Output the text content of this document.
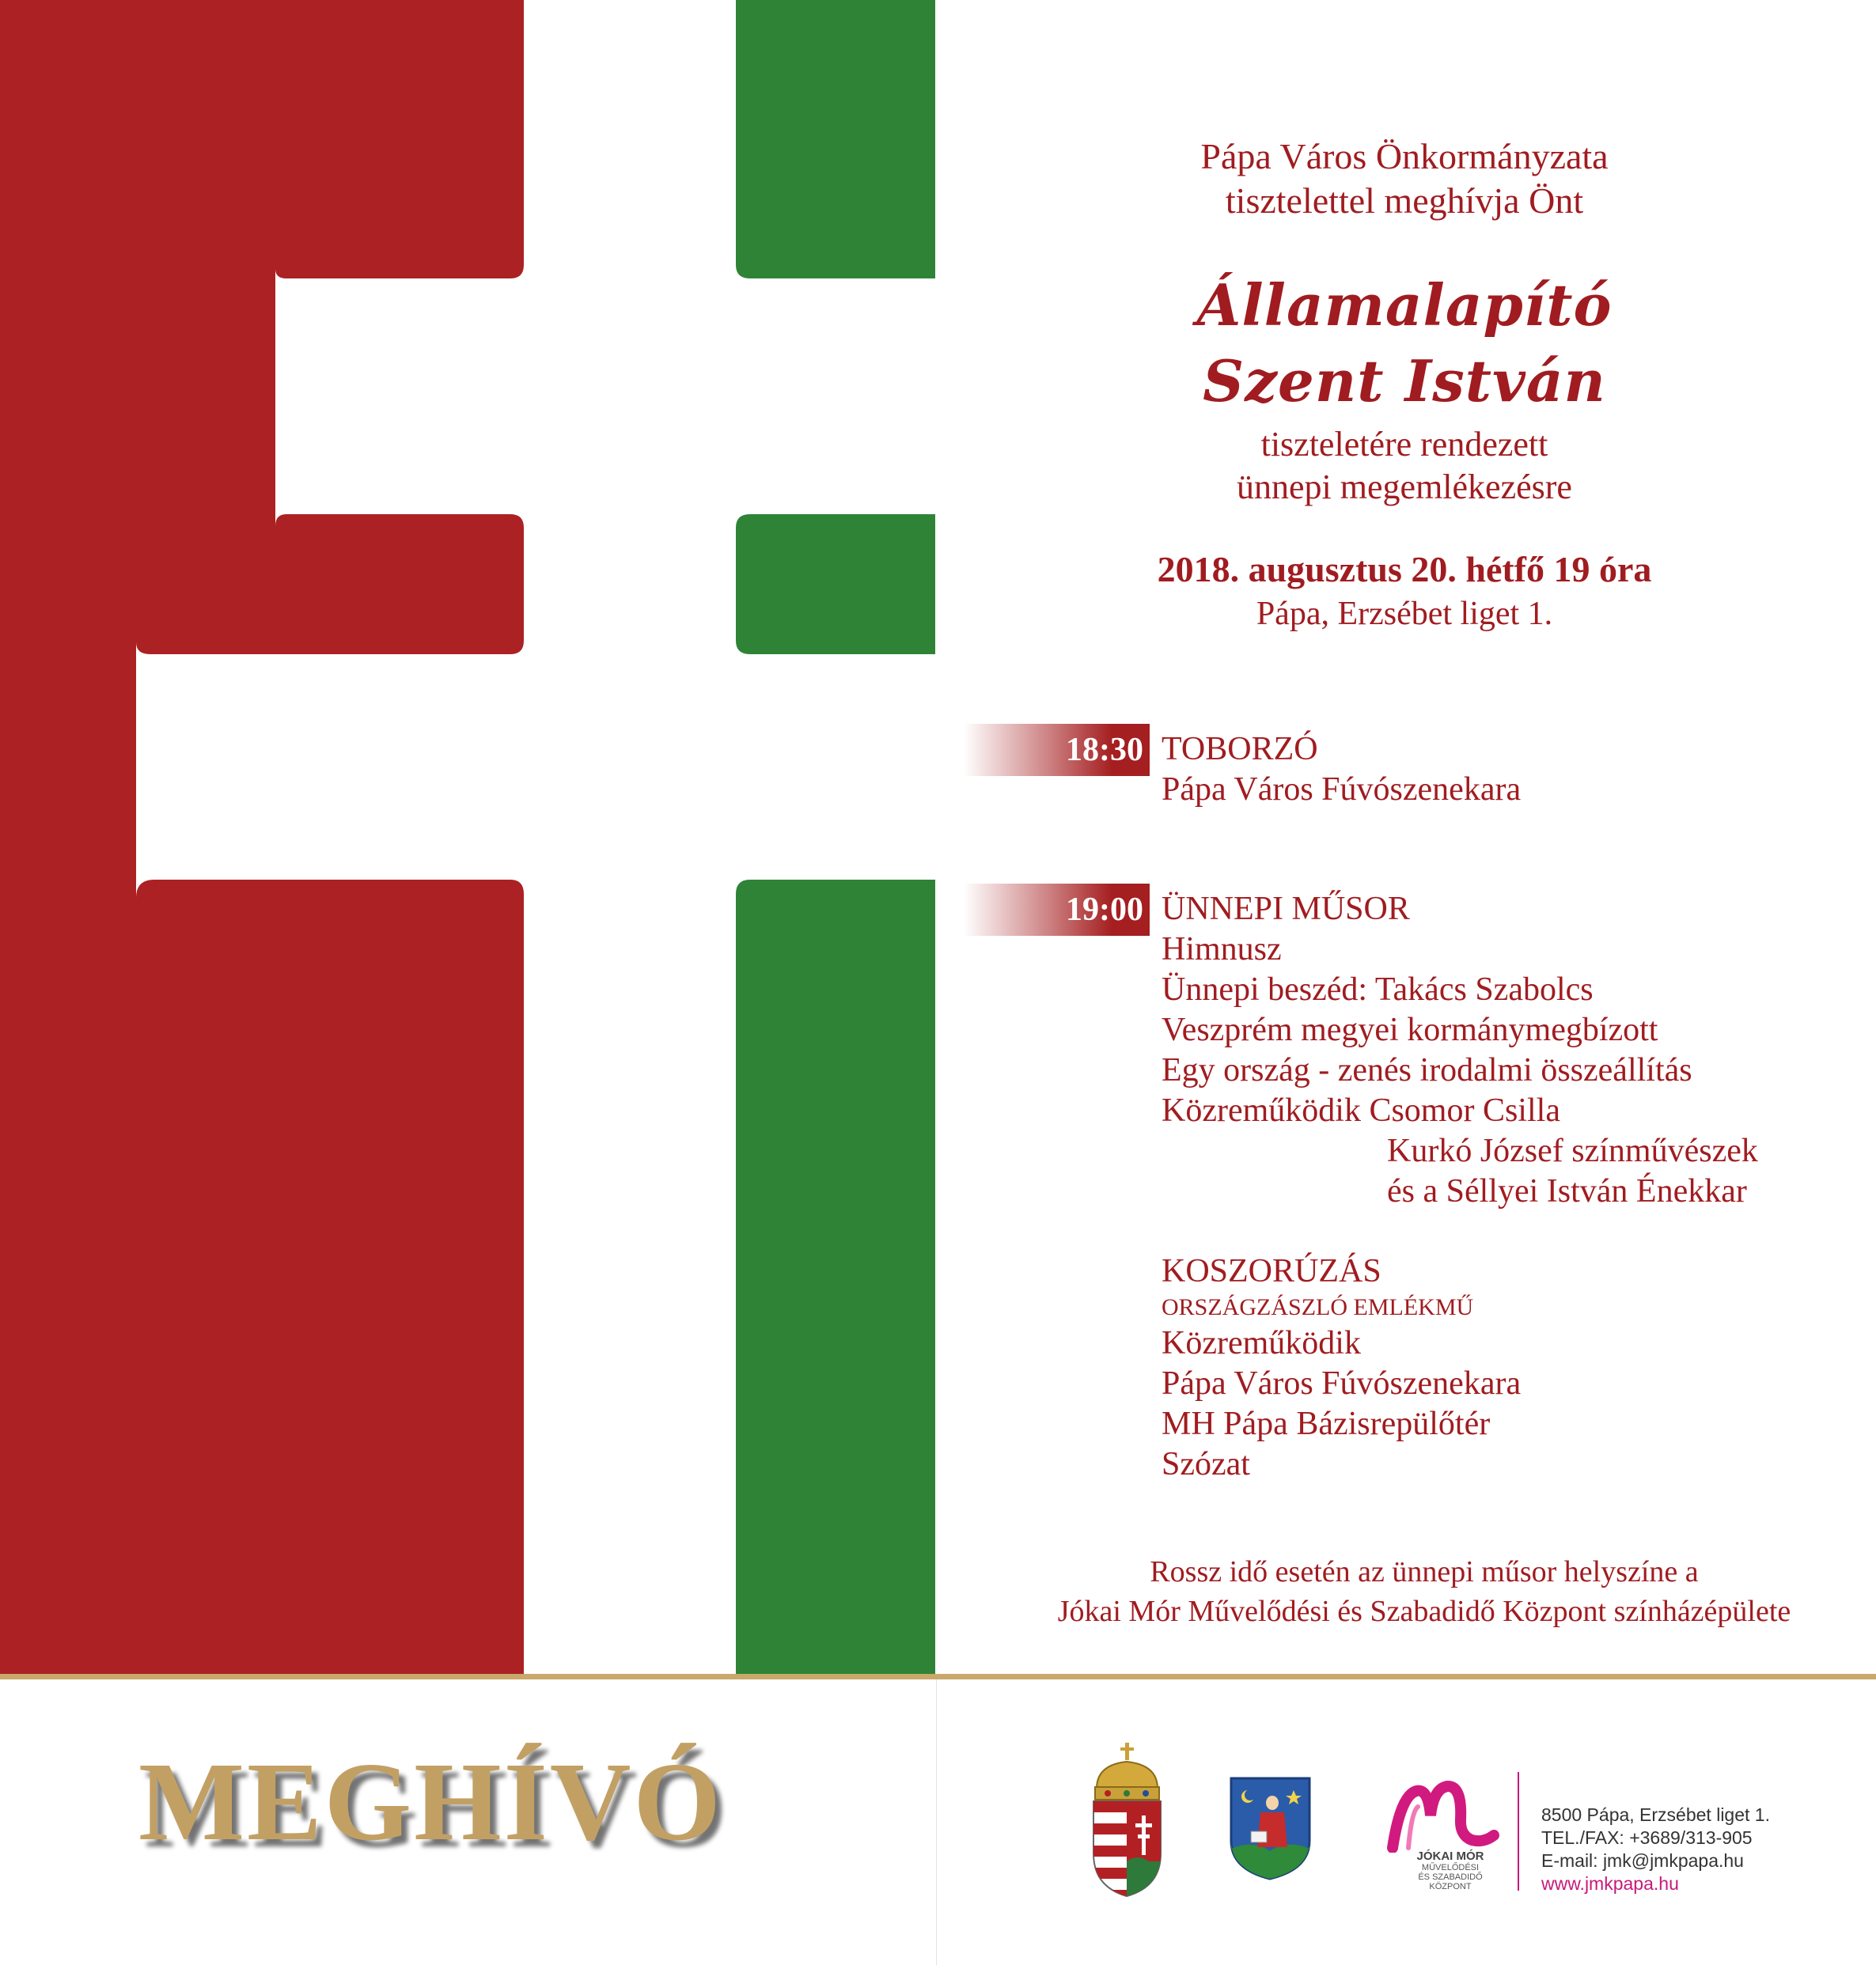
Pápa Város Önkormányzata
tisztelettel meghívja Önt
Államalapító
Szent István
tiszteletére rendezett
ünnepi megemlékezésre
2018. augusztus 20. hétfő 19 óra
Pápa, Erzsébet liget 1.
18:30 TOBORZÓ
Pápa Város Fúvószenekara
19:00 ÜNNEPI MŰSOR
Himnusz
Ünnepi beszéd: Takács Szabolcs
Veszprém megyei kormánymegbízott
Egy ország - zenés irodalmi összeállítás
Közreműködik Csomor Csilla
Kurkó József színművészek
és a Séllyei István Énekkar
KOSZORÚZÁS
ORSZÁGZÁSZLÓ EMLÉKMŰ
Közreműködik
Pápa Város Fúvószenekara
MH Pápa Bázisrepülőtér
Szózat
Rossz idő esetén az ünnepi műsor helyszíne a
Jókai Mór Művelődési és Szabadidő Központ színházépülete
MEGHÍVÓ	JÓKAI MÓR
MŰVELŐDÉSI
ÉS SZABADIDŐ
KÖZPONT
8500 Pápa, Erzsébet liget 1.
TEL./FAX: +3689/313-905
E-mail: jmk@jmkpapa.hu
www.jmkpapa.hu
